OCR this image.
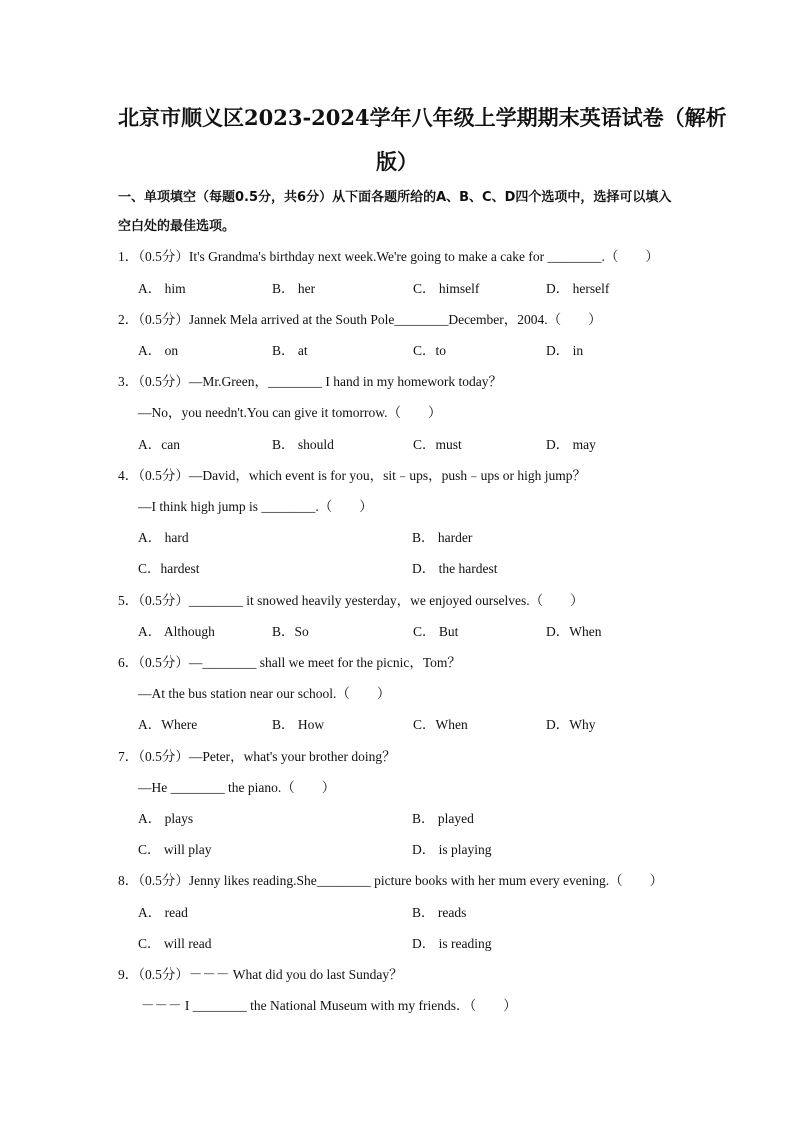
北京市顺义区2023-2024学年八年级上学期期末英语试卷（解析
版）
一、单项填空（每题0.5分，共6分）从下面各题所给的A、B、C、D四个选项中，选择可以填入空白处的最佳选项。
1．（0.5分）It's Grandma's birthday next week.We're going to make a cake for ________.（　　）
A． him	B． her	C． himself	D． herself
2．（0.5分）Jannek Mela arrived at the South Pole________December，2004.（　　）
A． on	B． at	C．to	D． in
3．（0.5分）—Mr.Green，________ I hand in my homework today？
—No，you needn't.You can give it tomorrow.（　　）
A．can	B． should	C．must	D． may
4．（0.5分）—David，which event is for you，sit﹣ups，push﹣ups or high jump？
—I think high jump is ________.（　　）
A． hard	B． harder
C．hardest	D． the hardest
5．（0.5分）________ it snowed heavily yesterday，we enjoyed ourselves.（　　）
A． Although	B．So	C． But	D．When
6．（0.5分）—________ shall we meet for the picnic，Tom？
—At the bus station near our school.（　　）
A．Where	B． How	C．When	D．Why
7．（0.5分）—Peter，what's your brother doing？
—He ________ the piano.（　　）
A． plays	B． played
C． will play	D． is playing
8．（0.5分）Jenny likes reading.She________ picture books with her mum every evening.（　　）
A． read	B． reads
C． will read	D． is reading
9．（0.5分）－－－ What did you do last Sunday？
－－－ I ________ the National Museum with my friends．（　　）
